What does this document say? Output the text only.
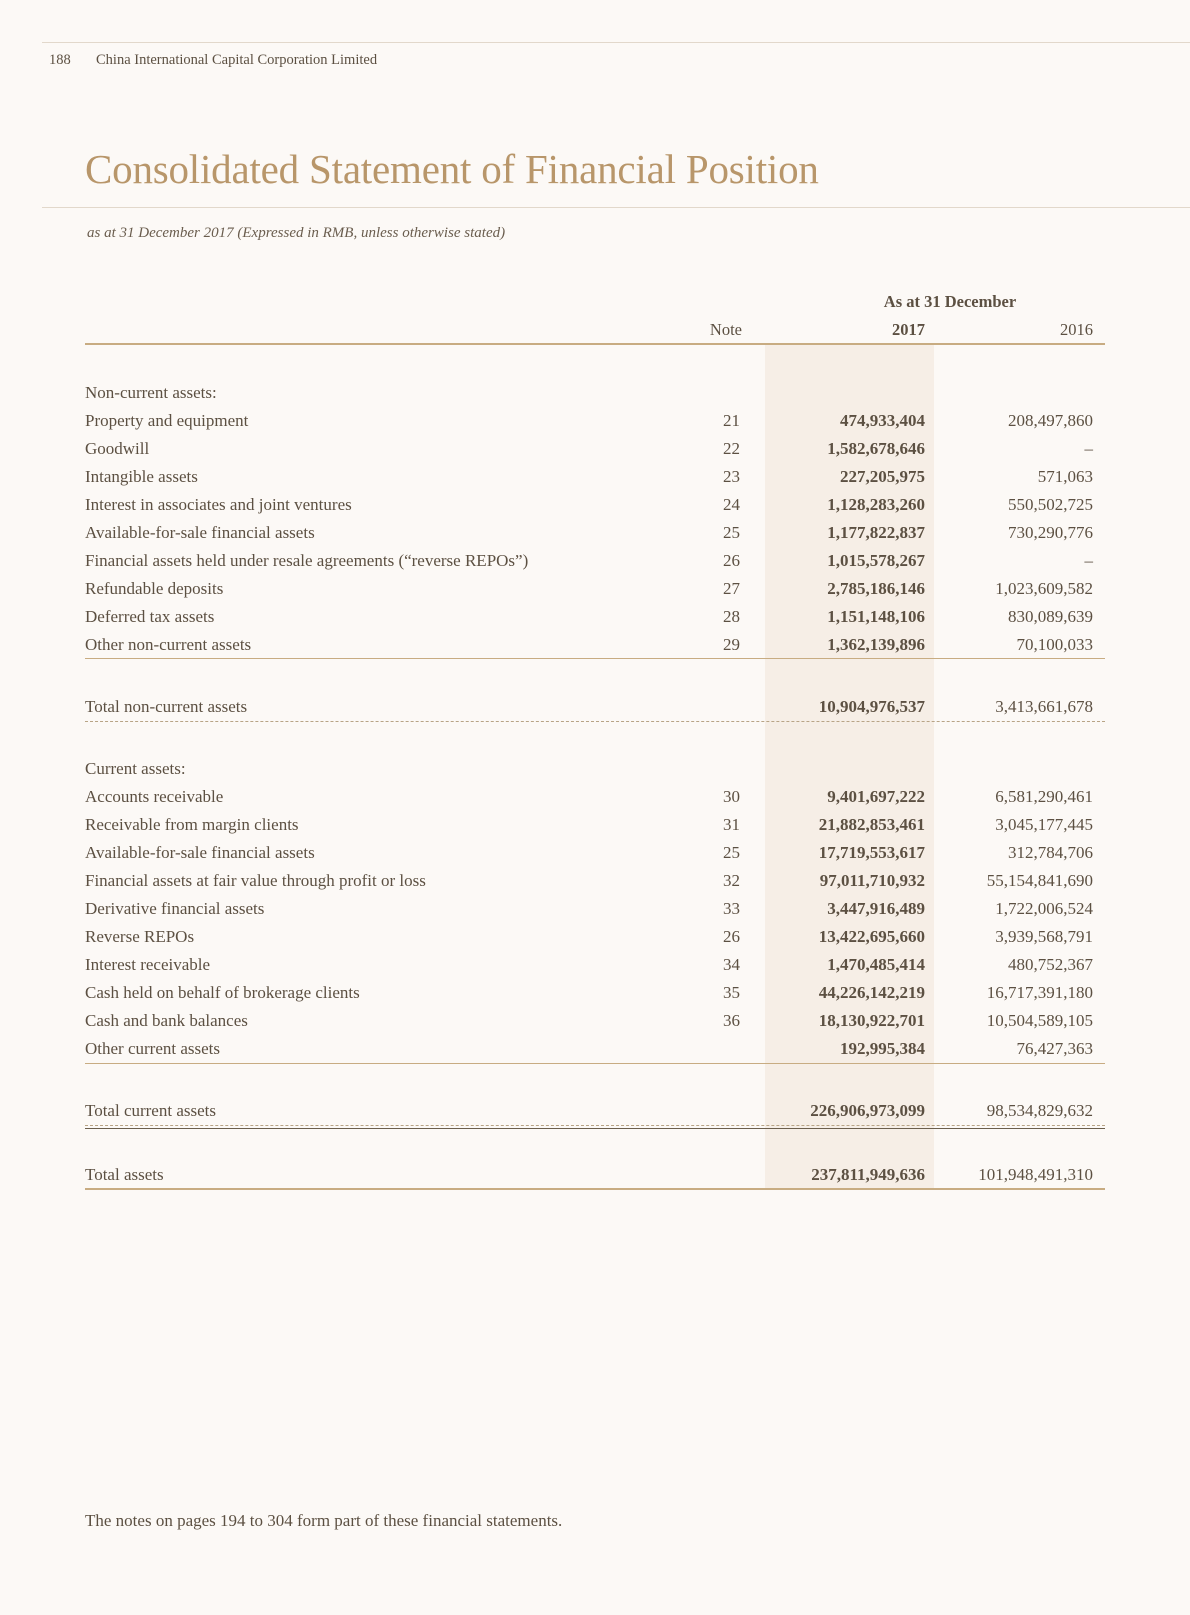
188 China International Capital Corporation Limited
Consolidated Statement of Financial Position
as at 31 December 2017 (Expressed in RMB, unless otherwise stated)
As at 31 December
Note	2017	2016
Non-current assets:
Property and equipment	21	474,933,404	208,497,860
Goodwill	22	1,582,678,646	–
Intangible assets	23	227,205,975	571,063
Interest in associates and joint ventures	24	1,128,283,260	550,502,725
Available-for-sale financial assets	25	1,177,822,837	730,290,776
Financial assets held under resale agreements (“reverse REPOs”)	26	1,015,578,267	–
Refundable deposits	27	2,785,186,146	1,023,609,582
Deferred tax assets	28	1,151,148,106	830,089,639
Other non-current assets	29	1,362,139,896	70,100,033
Total non-current assets	10,904,976,537	3,413,661,678
Current assets:
Accounts receivable	30	9,401,697,222	6,581,290,461
Receivable from margin clients	31	21,882,853,461	3,045,177,445
Available-for-sale financial assets	25	17,719,553,617	312,784,706
Financial assets at fair value through profit or loss	32	97,011,710,932	55,154,841,690
Derivative financial assets	33	3,447,916,489	1,722,006,524
Reverse REPOs	26	13,422,695,660	3,939,568,791
Interest receivable	34	1,470,485,414	480,752,367
Cash held on behalf of brokerage clients	35	44,226,142,219	16,717,391,180
Cash and bank balances	36	18,130,922,701	10,504,589,105
Other current assets	192,995,384	76,427,363
Total current assets	226,906,973,099	98,534,829,632
Total assets	237,811,949,636	101,948,491,310
The notes on pages 194 to 304 form part of these financial statements.
